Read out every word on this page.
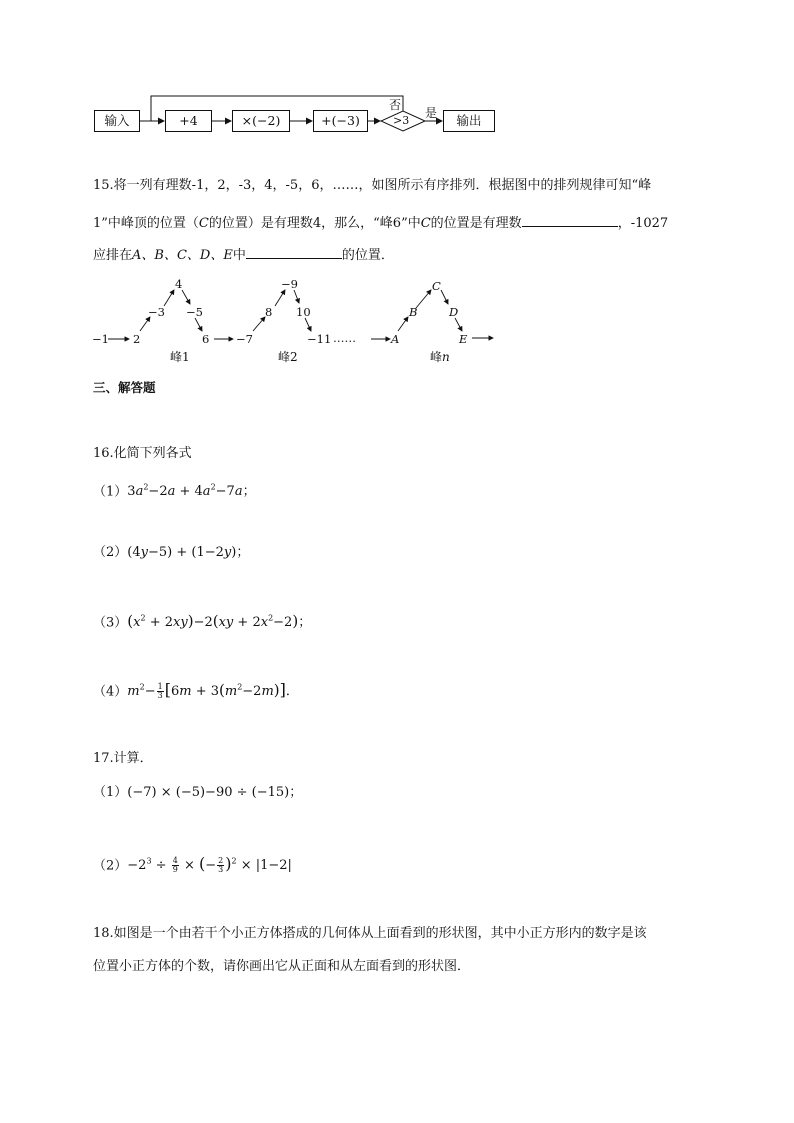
输入	+4	×(−2)	+(−3)	>3
否
是	输出
15.将一列有理数-1，2，-3，4，-5，6，……，如图所示有序排列．根据图中的排列规律可知“峰
1”中峰顶的位置（C的位置）是有理数4，那么，“峰6”中C的位置是有理数	，-1027
应排在A、B、C、D、E中	的位置．
−1 2
−3
4
−5
6 −7
8
−9
10
−11 ……	A
B
C
D
E
峰1	峰2	峰n
三、解答题
16.化简下列各式
$(1)3a^2-2a + 4a^2-7a$；
（2）(4y−5) + (1−2y)；
$(3)(x^2 + 2xy)-2(xy + 2x^2-2)$；
$(4)m^2- \frac{1}{3} [6m + 3(m^2-2m)]$．
17.计算．
（1）(−7) × (−5)−90 ÷ (−15)；
$(2)-2^3 \div \frac{4}{9}$ × (− $\frac{2}{3} )^2 \times |1-2|$
18.如图是一个由若干个小正方体搭成的几何体从上面看到的形状图，其中小正方形内的数字是该
位置小正方体的个数，请你画出它从正面和从左面看到的形状图．
